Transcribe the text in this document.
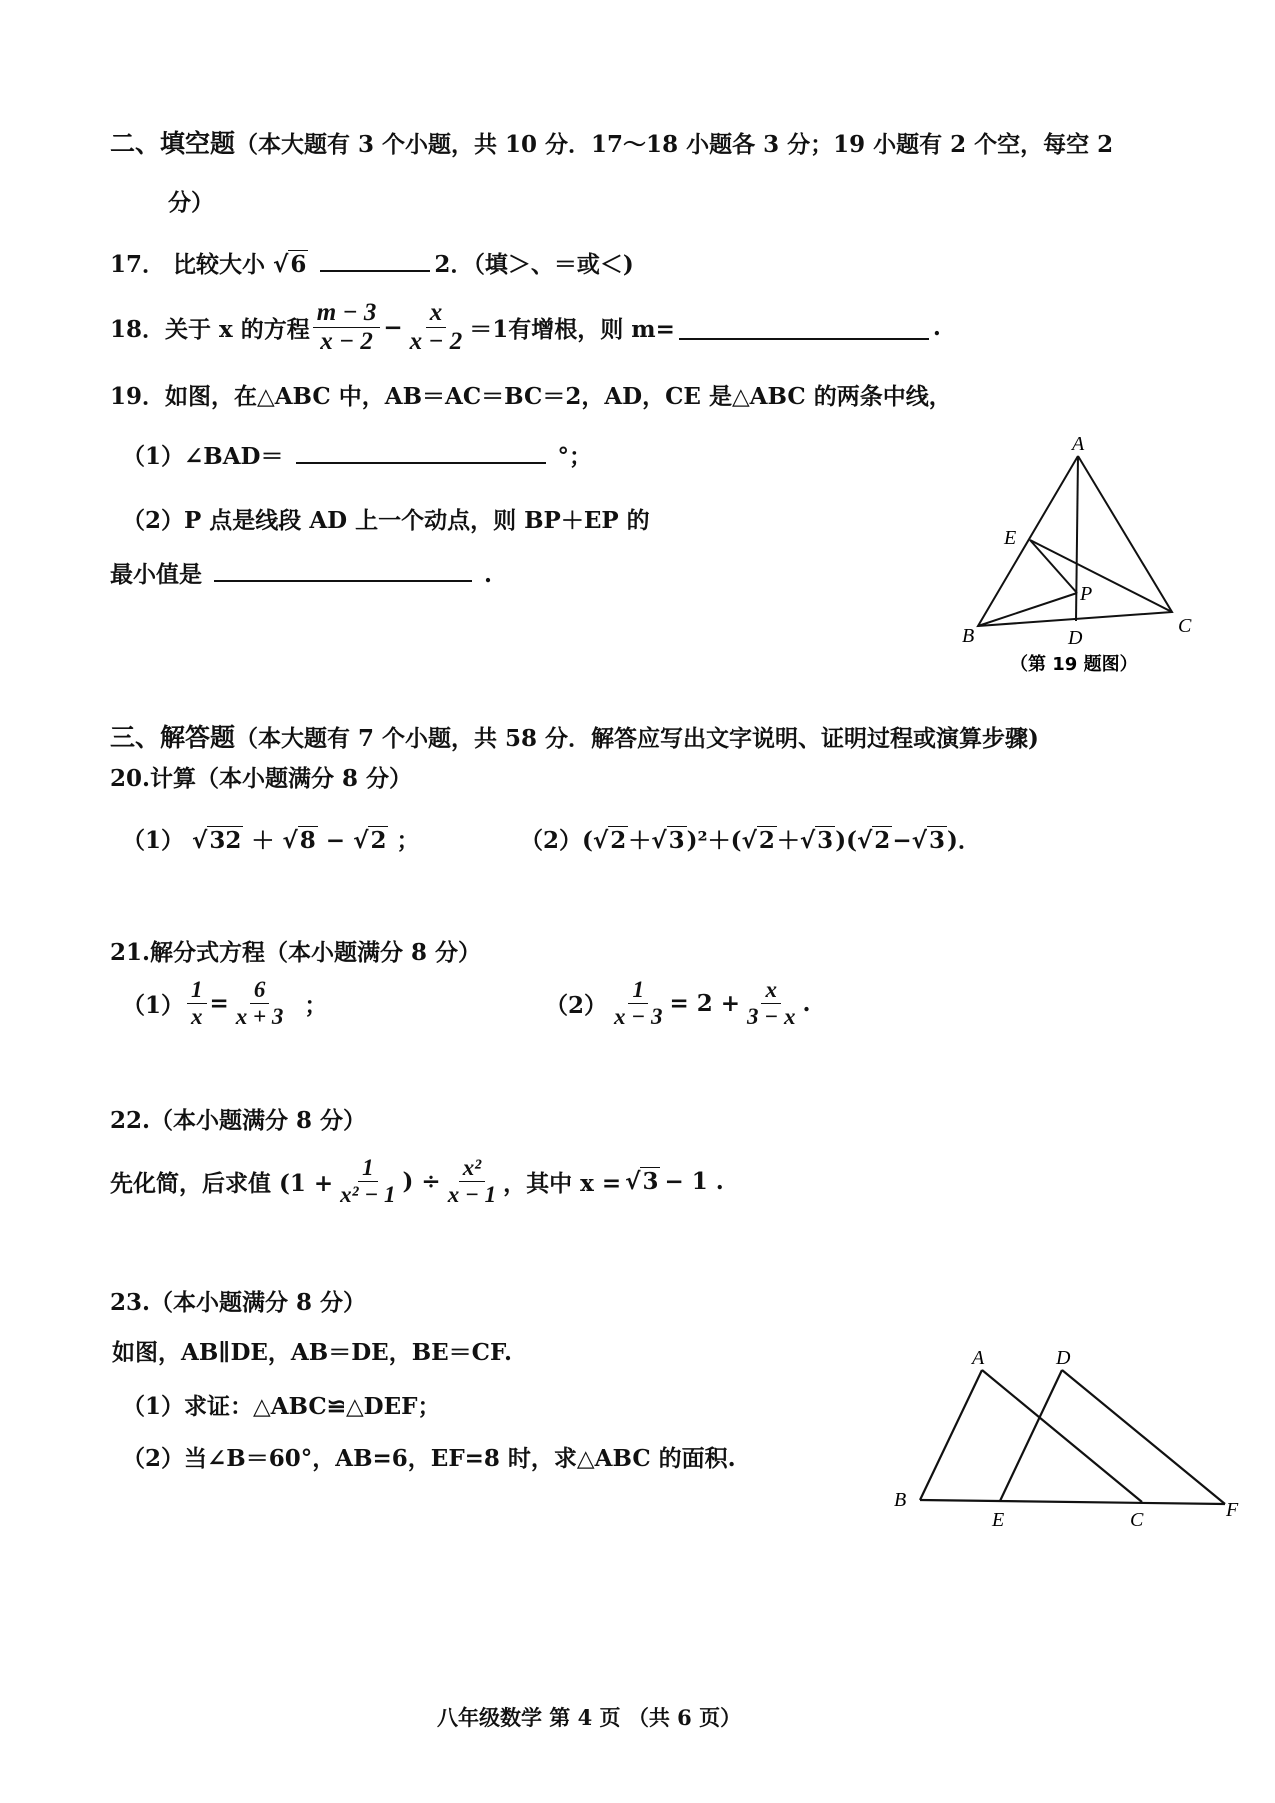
二、填空题（本大题有 3 个小题，共 10 分．17～18 小题各 3 分；19 小题有 2 个空，每空 2
分）
17． 比较大小 √6	2．（填＞、＝或＜)
18． 关于 x 的方程 $\frac{m - 3}{x - 2} - \frac{x}{x - 2} =1$有增根，则 m=	.
19．如图，在△ABC 中，AB＝AC＝BC＝2，AD，CE 是△ABC 的两条中线，
（1）∠BAD＝	°；
（2）P 点是线段 AD 上一个动点，则 BP＋EP 的
最小值是	.
A
B	C
D
E
P
（第 19 题图）
三、解答题（本大题有 7 个小题，共 58 分．解答应写出文字说明、证明过程或演算步骤)
20.计算（本小题满分 8 分）
（1） √32 ＋ √8 − √2 ；	（2）(√2＋√3)²＋(√2＋√3)(√2−√3)．
21.解分式方程（本小题满分 8 分）
$(1) \frac{1}{x} = \frac{6}{x + 3}$ ；	$(2) \frac{1}{x - 3} = 2 + \frac{x}{3 - x}$ .
22.（本小题满分 8 分）
先化简，后求值 ($1 + \frac{1}{\text{x² − 1}}$ ) ÷ $\frac{\text{x²}}{x - 1}$ ，其中 x = √3 − 1 .
23.（本小题满分 8 分）
如图，AB∥DE，AB＝DE，BE＝CF.
（1）求证：△ABC≌△DEF；
（2）当∠B＝60°，AB=6，EF=8 时，求△ABC 的面积.
A	D
B
E	C	F
八年级数学 第 4 页 （共 6 页）
